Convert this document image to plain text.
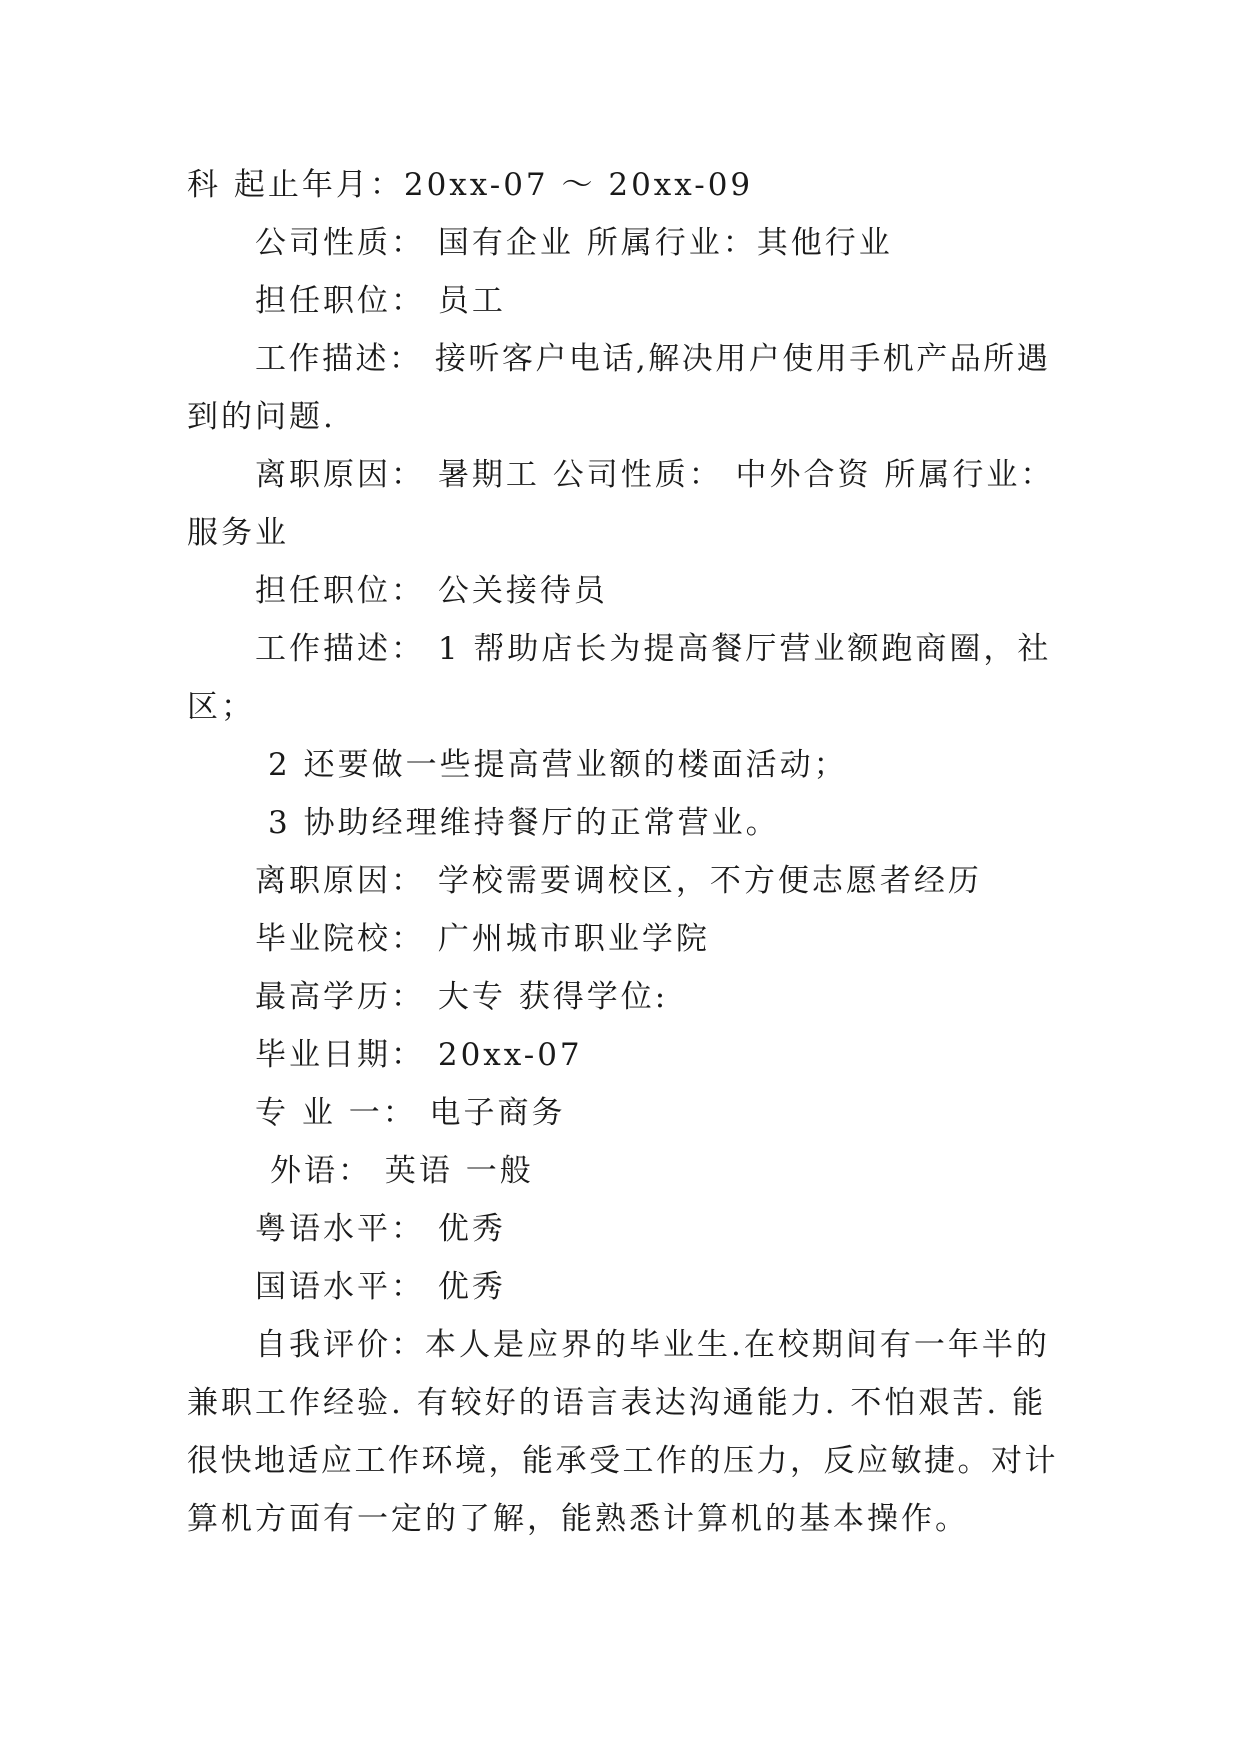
科 起止年月：20xx-07 ～ 20xx-09
公司性质： 国有企业 所属行业：其他行业
担任职位： 员工
工作描述： 接听客户电话,解决用户使用手机产品所遇
到的问题.
离职原因： 暑期工 公司性质： 中外合资 所属行业：
服务业
担任职位： 公关接待员
工作描述： 1 帮助店长为提高餐厅营业额跑商圈，社
区；
2 还要做一些提高营业额的楼面活动；
3 协助经理维持餐厅的正常营业。
离职原因： 学校需要调校区，不方便志愿者经历
毕业院校： 广州城市职业学院
最高学历： 大专 获得学位:
毕业日期： 20xx-07
专 业 一： 电子商务
外语： 英语 一般
粤语水平： 优秀
国语水平： 优秀
自我评价：本人是应界的毕业生.在校期间有一年半的
兼职工作经验. 有较好的语言表达沟通能力. 不怕艰苦. 能
很快地适应工作环境，能承受工作的压力，反应敏捷。对计
算机方面有一定的了解，能熟悉计算机的基本操作。
